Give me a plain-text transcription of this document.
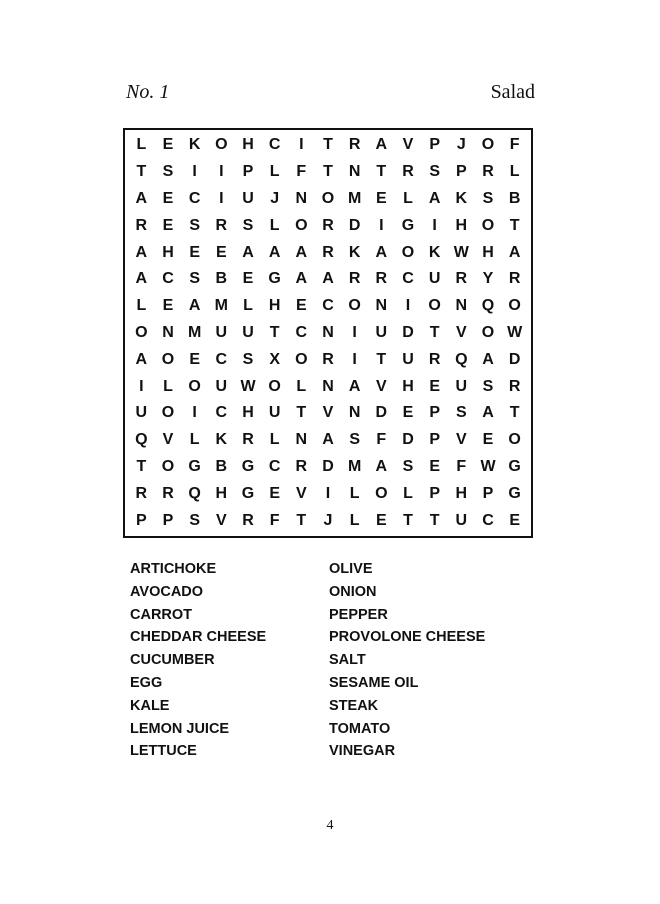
No. 1	Salad
L	E K O H C	I	T	R A V P	J	O F
T	S	I	I	P	L	F	T	N T	R S	P R	L
A E C	I	U	J	N O M E	L	A K S B
R E S R S	L O R D	I	G	I	H O T
A H E	E A A A R K A O K W H A
A C S B E G A A R R C U R Y R
L	E A M L	H E C O N	I	O N Q O
O N M U U	T C N	I	U D	T	V O W
A O E C S X O R	I	T	U R Q A D
I	L O U W O L	N A V H E U S R
U O	I	C H U T	V N D E P	S A	T
Q V	L K R	L N A S	F	D P	V	E O
T O G B G C R D M A S E	F W G
R R Q H G E	V	I	L O L	P H P G
P	P S	V R	F	T	J	L	E	T	T U C E
ARTICHOKE
AVOCADO
CARROT
CHEDDAR CHEESE
CUCUMBER
EGG
KALE
LEMON JUICE
LETTUCE
OLIVE
ONION
PEPPER
PROVOLONE CHEESE
SALT
SESAME OIL
STEAK
TOMATO
VINEGAR
4
